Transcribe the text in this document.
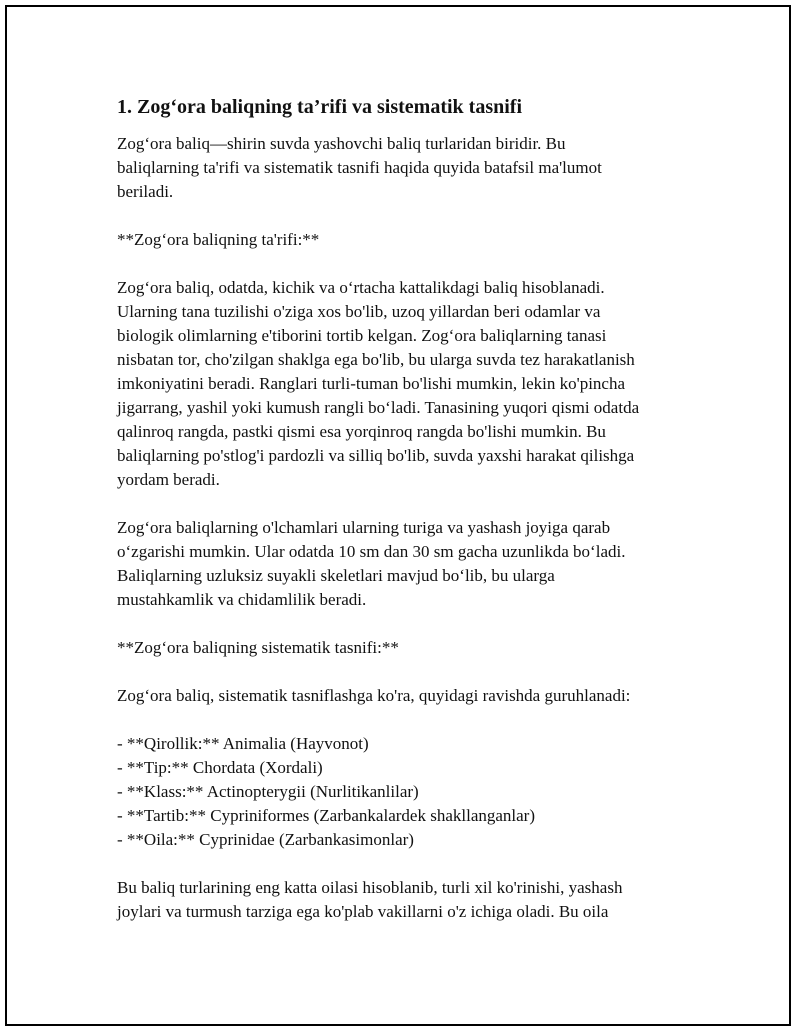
1. Zog‘ora baliqning ta’rifi va sistematik tasnifi
Zog‘ora baliq—shirin suvda yashovchi baliq turlaridan biridir. Bu
baliqlarning ta'rifi va sistematik tasnifi haqida quyida batafsil ma'lumot
beriladi.
**Zog‘ora baliqning ta'rifi:**
Zog‘ora baliq, odatda, kichik va o‘rtacha kattalikdagi baliq hisoblanadi.
Ularning tana tuzilishi o'ziga xos bo'lib, uzoq yillardan beri odamlar va
biologik olimlarning e'tiborini tortib kelgan. Zog‘ora baliqlarning tanasi
nisbatan tor, cho'zilgan shaklga ega bo'lib, bu ularga suvda tez harakatlanish
imkoniyatini beradi. Ranglari turli-tuman bo'lishi mumkin, lekin ko'pincha
jigarrang, yashil yoki kumush rangli bo‘ladi. Tanasining yuqori qismi odatda
qalinroq rangda, pastki qismi esa yorqinroq rangda bo'lishi mumkin. Bu
baliqlarning po'stlog'i pardozli va silliq bo'lib, suvda yaxshi harakat qilishga
yordam beradi.
Zog‘ora baliqlarning o'lchamlari ularning turiga va yashash joyiga qarab
o‘zgarishi mumkin. Ular odatda 10 sm dan 30 sm gacha uzunlikda bo‘ladi.
Baliqlarning uzluksiz suyakli skeletlari mavjud bo‘lib, bu ularga
mustahkamlik va chidamlilik beradi.
**Zog‘ora baliqning sistematik tasnifi:**
Zog‘ora baliq, sistematik tasniflashga ko'ra, quyidagi ravishda guruhlanadi:
- **Qirollik:** Animalia (Hayvonot)
- **Tip:** Chordata (Xordali)
- **Klass:** Actinopterygii (Nurlitikanlilar)
- **Tartib:** Cypriniformes (Zarbankalardek shakllanganlar)
- **Oila:** Cyprinidae (Zarbankasimonlar)
Bu baliq turlarining eng katta oilasi hisoblanib, turli xil ko'rinishi, yashash
joylari va turmush tarziga ega ko'plab vakillarni o'z ichiga oladi. Bu oila
